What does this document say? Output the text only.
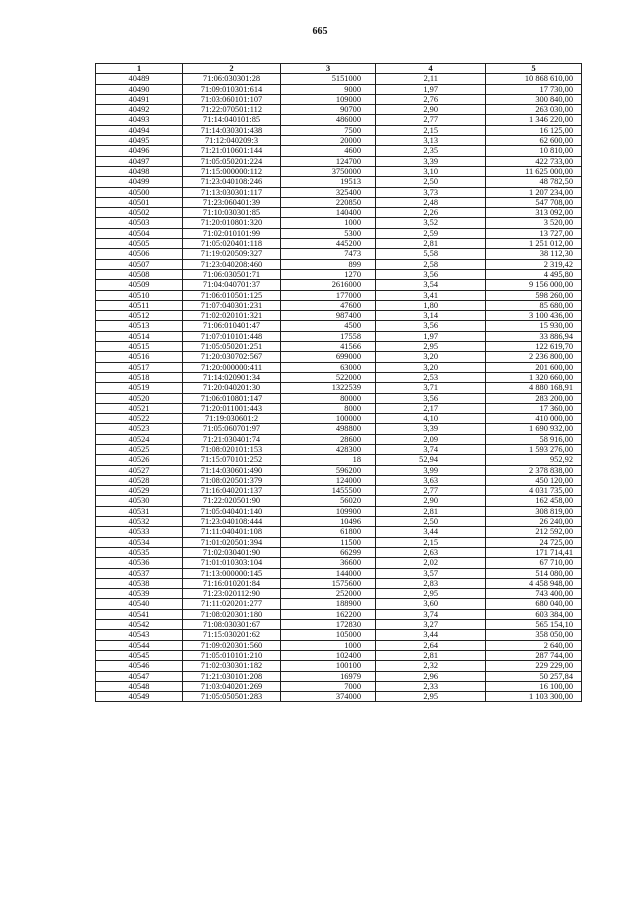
665
1	2	3	4	5
40489	71:06:030301:28	5151000	2,11	10 868 610,00
40490	71:09:010301:614	9000	1,97	17 730,00
40491	71:03:060101:107	109000	2,76	300 840,00
40492	71:22:070501:112	90700	2,90	263 030,00
40493	71:14:040101:85	486000	2,77	1 346 220,00
40494	71:14:030301:438	7500	2,15	16 125,00
40495	71:12:040209:3	20000	3,13	62 600,00
40496	71:21:010601:144	4600	2,35	10 810,00
40497	71:05:050201:224	124700	3,39	422 733,00
40498	71:15:000000:112	3750000	3,10	11 625 000,00
40499	71:23:040108:246	19513	2,50	48 782,50
40500	71:13:030301:117	325400	3,73	1 207 234,00
40501	71:23:060401:39	220850	2,48	547 708,00
40502	71:10:030301:85	140400	2,26	313 092,00
40503	71:20:010801:320	1000	3,52	3 520,00
40504	71:02:010101:99	5300	2,59	13 727,00
40505	71:05:020401:118	445200	2,81	1 251 012,00
40506	71:19:020509:327	7473	5,58	38 112,30
40507	71:23:040208:460	899	2,58	2 319,42
40508	71:06:030501:71	1270	3,56	4 495,80
40509	71:04:040701:37	2616000	3,54	9 156 000,00
40510	71:06:010501:125	177000	3,41	598 260,00
40511	71:07:040301:231	47600	1,80	85 680,00
40512	71:02:020101:321	987400	3,14	3 100 436,00
40513	71:06:010401:47	4500	3,56	15 930,00
40514	71:07:010101:448	17558	1,97	33 886,94
40515	71:05:050201:251	41566	2,95	122 619,70
40516	71:20:030702:567	699000	3,20	2 236 800,00
40517	71:20:000000:411	63000	3,20	201 600,00
40518	71:14:020901:34	522000	2,53	1 320 660,00
40519	71:20:040201:30	1322539	3,71	4 880 168,91
40520	71:06:010801:147	80000	3,56	283 200,00
40521	71:20:011001:443	8000	2,17	17 360,00
40522	71:19:030601:2	100000	4,10	410 000,00
40523	71:05:060701:97	498800	3,39	1 690 932,00
40524	71:21:030401:74	28600	2,09	58 916,00
40525	71:08:020101:153	428300	3,74	1 593 276,00
40526	71:15:070101:252	18	52,94	952,92
40527	71:14:030601:490	596200	3,99	2 378 838,00
40528	71:08:020501:379	124000	3,63	450 120,00
40529	71:16:040201:137	1455500	2,77	4 031 735,00
40530	71:22:020501:90	56020	2,90	162 458,00
40531	71:05:040401:140	109900	2,81	308 819,00
40532	71:23:040108:444	10496	2,50	26 240,00
40533	71:11:040401:108	61800	3,44	212 592,00
40534	71:01:020501:394	11500	2,15	24 725,00
40535	71:02:030401:90	66299	2,63	171 714,41
40536	71:01:010303:104	36600	2,02	67 710,00
40537	71:13:000000:145	144000	3,57	514 080,00
40538	71:16:010201:84	1575600	2,83	4 458 948,00
40539	71:23:020112:90	252000	2,95	743 400,00
40540	71:11:020201:277	188900	3,60	680 040,00
40541	71:08:020301:180	162200	3,74	603 384,00
40542	71:08:030301:67	172830	3,27	565 154,10
40543	71:15:030201:62	105000	3,44	358 050,00
40544	71:09:020301:560	1000	2,64	2 640,00
40545	71:05:010101:210	102400	2,81	287 744,00
40546	71:02:030301:182	100100	2,32	229 229,00
40547	71:21:030101:208	16979	2,96	50 257,84
40548	71:03:040201:269	7000	2,33	16 100,00
40549	71:05:050501:283	374000	2,95	1 103 300,00
